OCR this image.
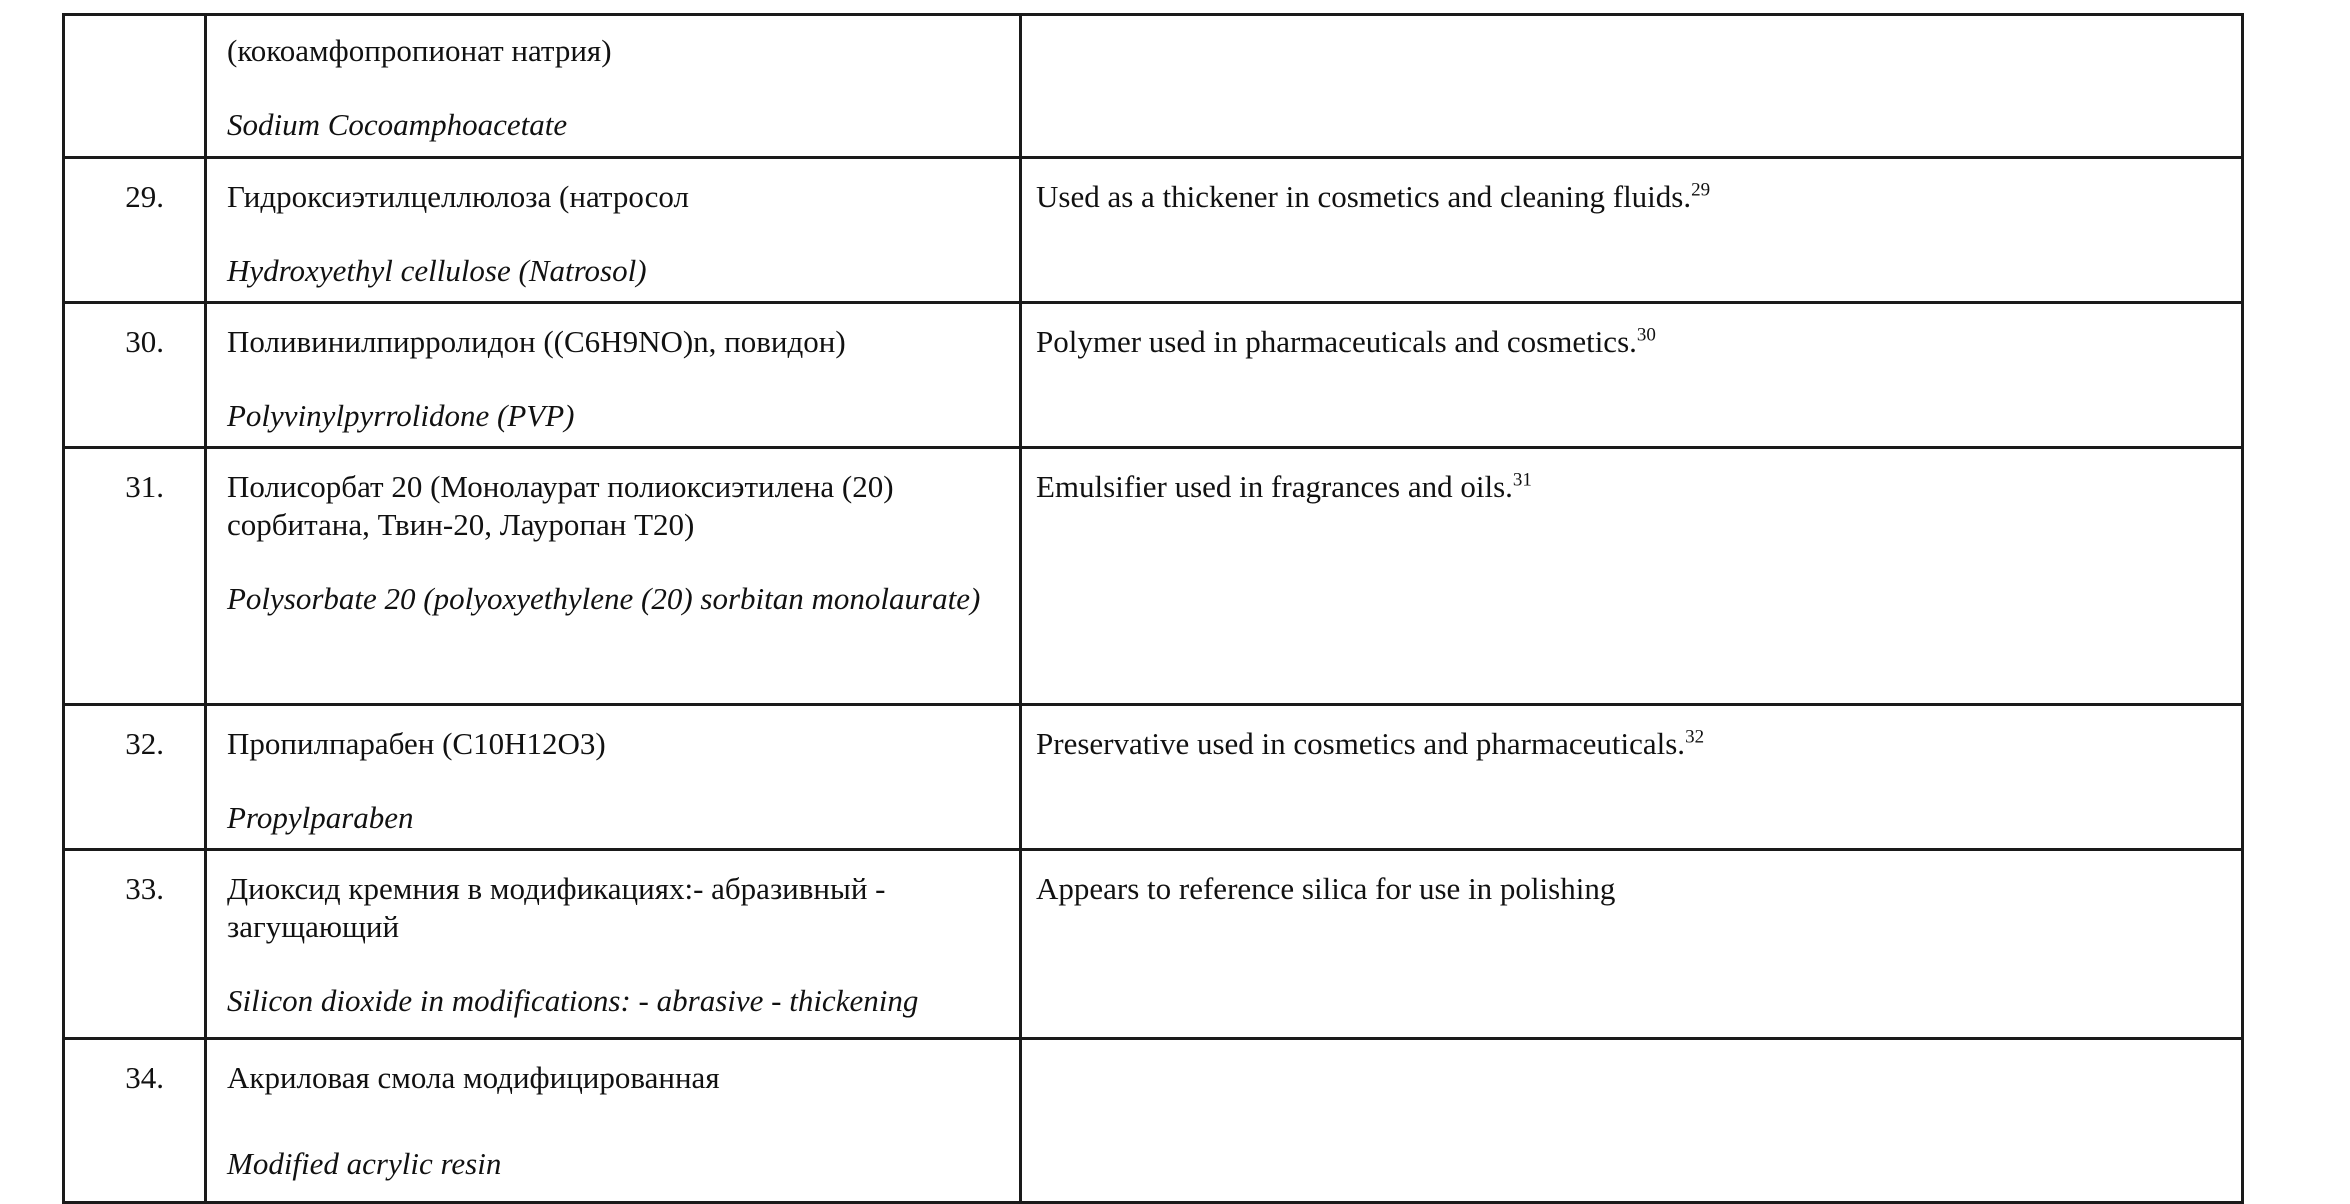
	(кокоамфопропионат натрия)

Sodium Cocoamphoacetate	

29.	Гидроксиэтилцеллюлоза (натросол

Hydroxyethyl cellulose (Natrosol)	Used as a thickener in cosmetics and cleaning fluids.$^{29}$
30.	Поливинилпирролидон ((C6H9NO)n, повидон)

Polyvinylpyrrolidone (PVP)	Polymer used in pharmaceuticals and cosmetics.$^{30}$
31.	Полисорбат 20 (Монолаурат полиоксиэтилена (20) сорбитана, Твин-20, Лауропан Т20)

Polysorbate 20 (polyoxyethylene (20) sorbitan monolaurate)	Emulsifier used in fragrances and oils.$^{31}$
32.	Пропилпарабен (C10H12O3)

Propylparaben	Preservative used in cosmetics and pharmaceuticals.$^{32}$
33.	Диоксид кремния в модификациях:- абразивный - загущающий

Silicon dioxide in modifications: - abrasive - thickening	Appears to reference silica for use in polishing
34.	Акриловая смола модифицированная

Modified acrylic resin	
